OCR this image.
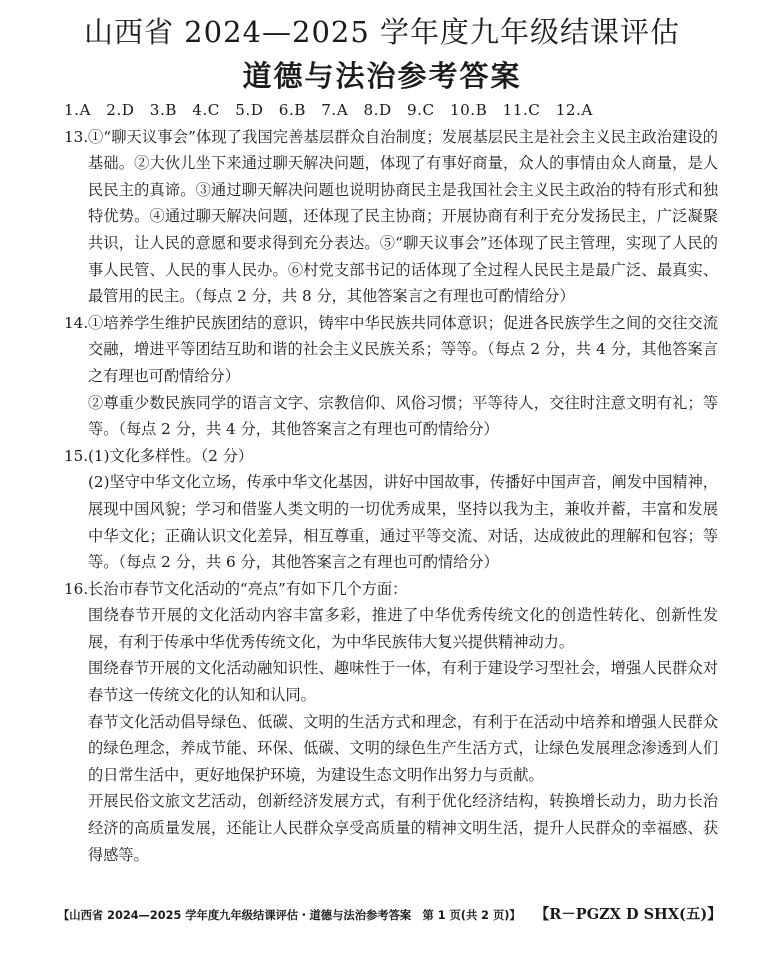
山西省 2024—2025 学年度九年级结课评估
道德与法治参考答案
1.A 2.D 3.B 4.C 5.D 6.B 7.A 8.D 9.C 10.B 11.C 12.A
13. ①“聊天议事会”体现了我国完善基层群众自治制度；发展基层民主是社会主义民主政治建设的基础。②大伙儿坐下来通过聊天解决问题，体现了有事好商量，众人的事情由众人商量，是人民民主的真谛。③通过聊天解决问题也说明协商民主是我国社会主义民主政治的特有形式和独特优势。④通过聊天解决问题，还体现了民主协商；开展协商有利于充分发扬民主，广泛凝聚共识，让人民的意愿和要求得到充分表达。⑤“聊天议事会”还体现了民主管理，实现了人民的事人民管、人民的事人民办。⑥村党支部书记的话体现了全过程人民民主是最广泛、最真实、最管用的民主。（每点 2 分，共 8 分，其他答案言之有理也可酌情给分）

14. ①培养学生维护民族团结的意识，铸牢中华民族共同体意识；促进各民族学生之间的交往交流交融，增进平等团结互助和谐的社会主义民族关系；等等。（每点 2 分，共 4 分，其他答案言之有理也可酌情给分）

②尊重少数民族同学的语言文字、宗教信仰、风俗习惯；平等待人，交往时注意文明有礼；等等。（每点 2 分，共 4 分，其他答案言之有理也可酌情给分）

15. (1)文化多样性。（2 分）

(2)坚守中华文化立场，传承中华文化基因，讲好中国故事，传播好中国声音，阐发中国精神，展现中国风貌；学习和借鉴人类文明的一切优秀成果，坚持以我为主，兼收并蓄，丰富和发展中华文化；正确认识文化差异，相互尊重，通过平等交流、对话，达成彼此的理解和包容；等等。（每点 2 分，共 6 分，其他答案言之有理也可酌情给分）

16. 长治市春节文化活动的“亮点”有如下几个方面：

围绕春节开展的文化活动内容丰富多彩，推进了中华优秀传统文化的创造性转化、创新性发展，有利于传承中华优秀传统文化，为中华民族伟大复兴提供精神动力。

围绕春节开展的文化活动融知识性、趣味性于一体，有利于建设学习型社会，增强人民群众对春节这一传统文化的认知和认同。

春节文化活动倡导绿色、低碳、文明的生活方式和理念，有利于在活动中培养和增强人民群众的绿色理念，养成节能、环保、低碳、文明的绿色生产生活方式，让绿色发展理念渗透到人们的日常生活中，更好地保护环境，为建设生态文明作出努力与贡献。

开展民俗文旅文艺活动，创新经济发展方式，有利于优化经济结构，转换增长动力，助力长治经济的高质量发展，还能让人民群众享受高质量的精神文明生活，提升人民群众的幸福感、获得感等。

【山西省 2024—2025 学年度九年级结课评估・道德与法治参考答案　第 1 页(共 2 页)】 【R－PGZX D SHX(五)】
